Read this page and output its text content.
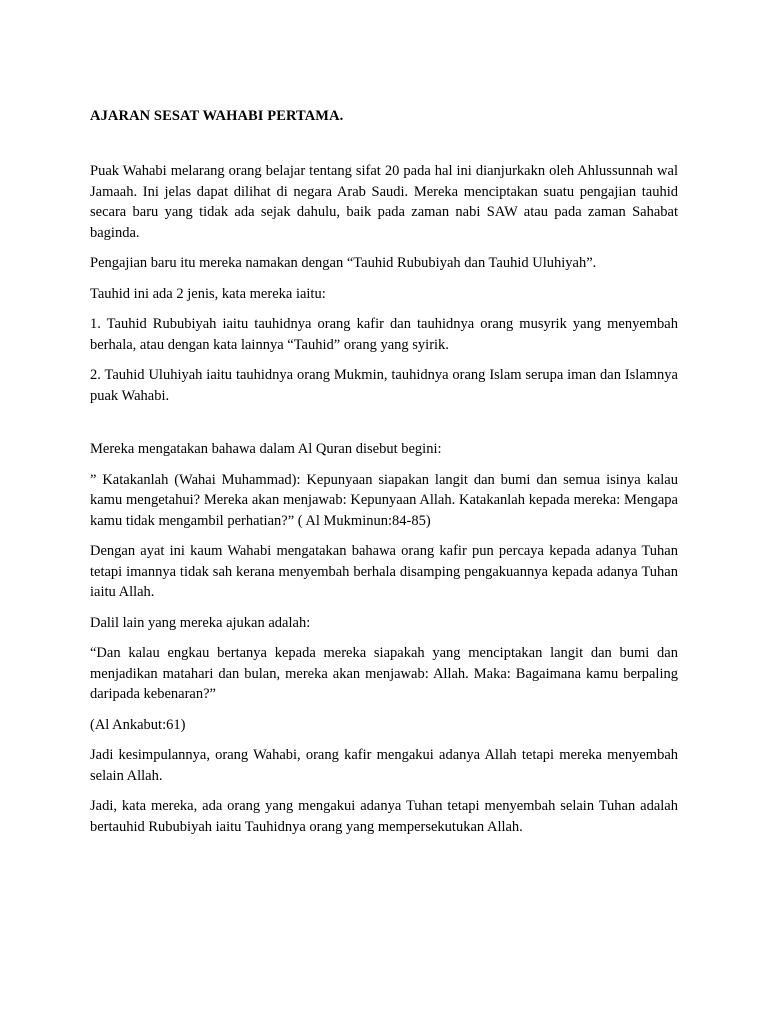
AJARAN SESAT WAHABI PERTAMA.

Puak Wahabi melarang orang belajar tentang sifat 20 pada hal ini dianjurkakn oleh Ahlussunnah wal Jamaah. Ini jelas dapat dilihat di negara Arab Saudi. Mereka menciptakan suatu pengajian tauhid secara baru yang tidak ada sejak dahulu, baik pada zaman nabi SAW atau pada zaman Sahabat baginda.

Pengajian baru itu mereka namakan dengan “Tauhid Rububiyah dan Tauhid Uluhiyah”.

Tauhid ini ada 2 jenis, kata mereka iaitu:

1. Tauhid Rububiyah iaitu tauhidnya orang kafir dan tauhidnya orang musyrik yang menyembah berhala, atau dengan kata lainnya “Tauhid” orang yang syirik.

2. Tauhid Uluhiyah iaitu tauhidnya orang Mukmin, tauhidnya orang Islam serupa iman dan Islamnya puak Wahabi.

Mereka mengatakan bahawa dalam Al Quran disebut begini:

” Katakanlah (Wahai Muhammad): Kepunyaan siapakan langit dan bumi dan semua isinya kalau kamu mengetahui? Mereka akan menjawab: Kepunyaan Allah. Katakanlah kepada mereka: Mengapa kamu tidak mengambil perhatian?” ( Al Mukminun:84-85)

Dengan ayat ini kaum Wahabi mengatakan bahawa orang kafir pun percaya kepada adanya Tuhan tetapi imannya tidak sah kerana menyembah berhala disamping pengakuannya kepada adanya Tuhan iaitu Allah.

Dalil lain yang mereka ajukan adalah:

“Dan kalau engkau bertanya kepada mereka siapakah yang menciptakan langit dan bumi dan menjadikan matahari dan bulan, mereka akan menjawab: Allah. Maka: Bagaimana kamu berpaling daripada kebenaran?”

(Al Ankabut:61)

Jadi kesimpulannya, orang Wahabi, orang kafir mengakui adanya Allah tetapi mereka menyembah selain Allah.

Jadi, kata mereka, ada orang yang mengakui adanya Tuhan tetapi menyembah selain Tuhan adalah bertauhid Rububiyah iaitu Tauhidnya orang yang mempersekutukan Allah.
